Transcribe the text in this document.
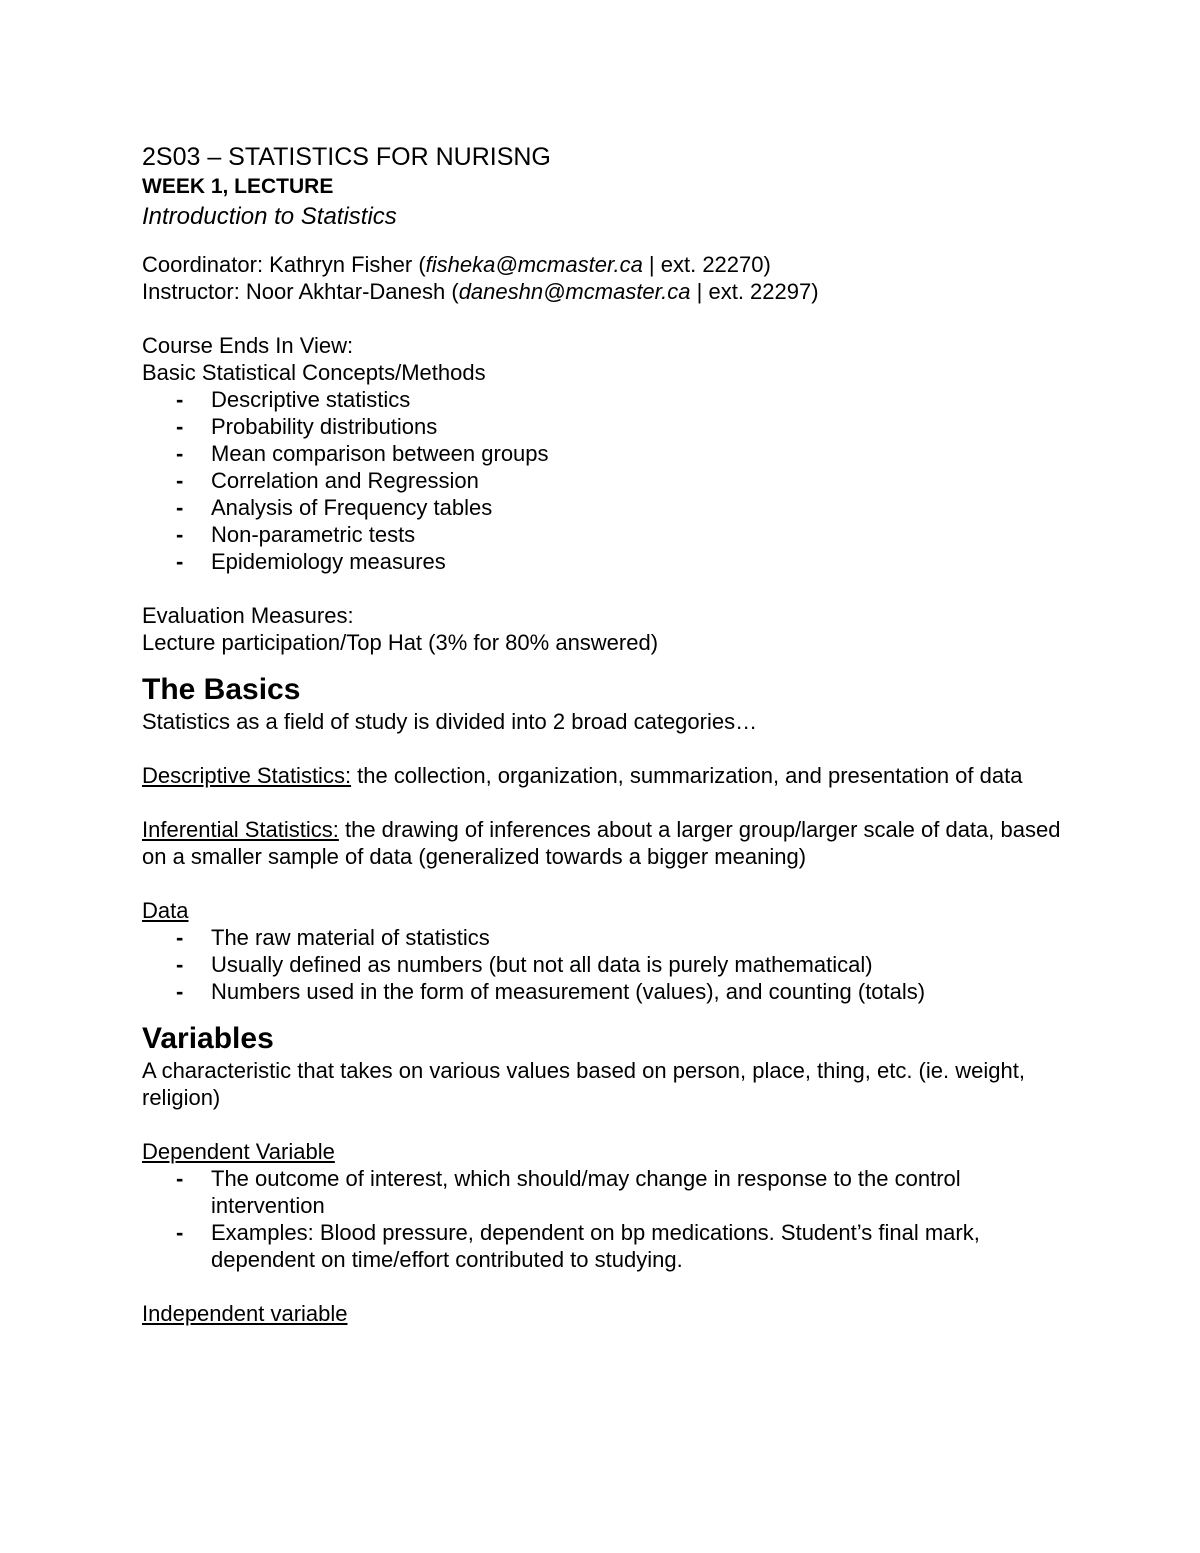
2S03 – STATISTICS FOR NURISNG

WEEK 1, LECTURE

Introduction to Statistics

Coordinator: Kathryn Fisher (fisheka@mcmaster.ca | ext. 22270)

Instructor: Noor Akhtar-Danesh (daneshn@mcmaster.ca | ext. 22297)

Course Ends In View:

Basic Statistical Concepts/Methods

- Descriptive statistics
- Probability distributions
- Mean comparison between groups
- Correlation and Regression
- Analysis of Frequency tables
- Non-parametric tests
- Epidemiology measures

Evaluation Measures:

Lecture participation/Top Hat (3% for 80% answered)

The Basics

Statistics as a field of study is divided into 2 broad categories…

Descriptive Statistics: the collection, organization, summarization, and presentation of data

Inferential Statistics: the drawing of inferences about a larger group/larger scale of data, based on a smaller sample of data (generalized towards a bigger meaning)

Data

- The raw material of statistics
- Usually defined as numbers (but not all data is purely mathematical)
- Numbers used in the form of measurement (values), and counting (totals)

Variables

A characteristic that takes on various values based on person, place, thing, etc. (ie. weight, religion)

Dependent Variable

- The outcome of interest, which should/may change in response to the control intervention
- Examples: Blood pressure, dependent on bp medications. Student’s final mark, dependent on time/effort contributed to studying.

Independent variable
